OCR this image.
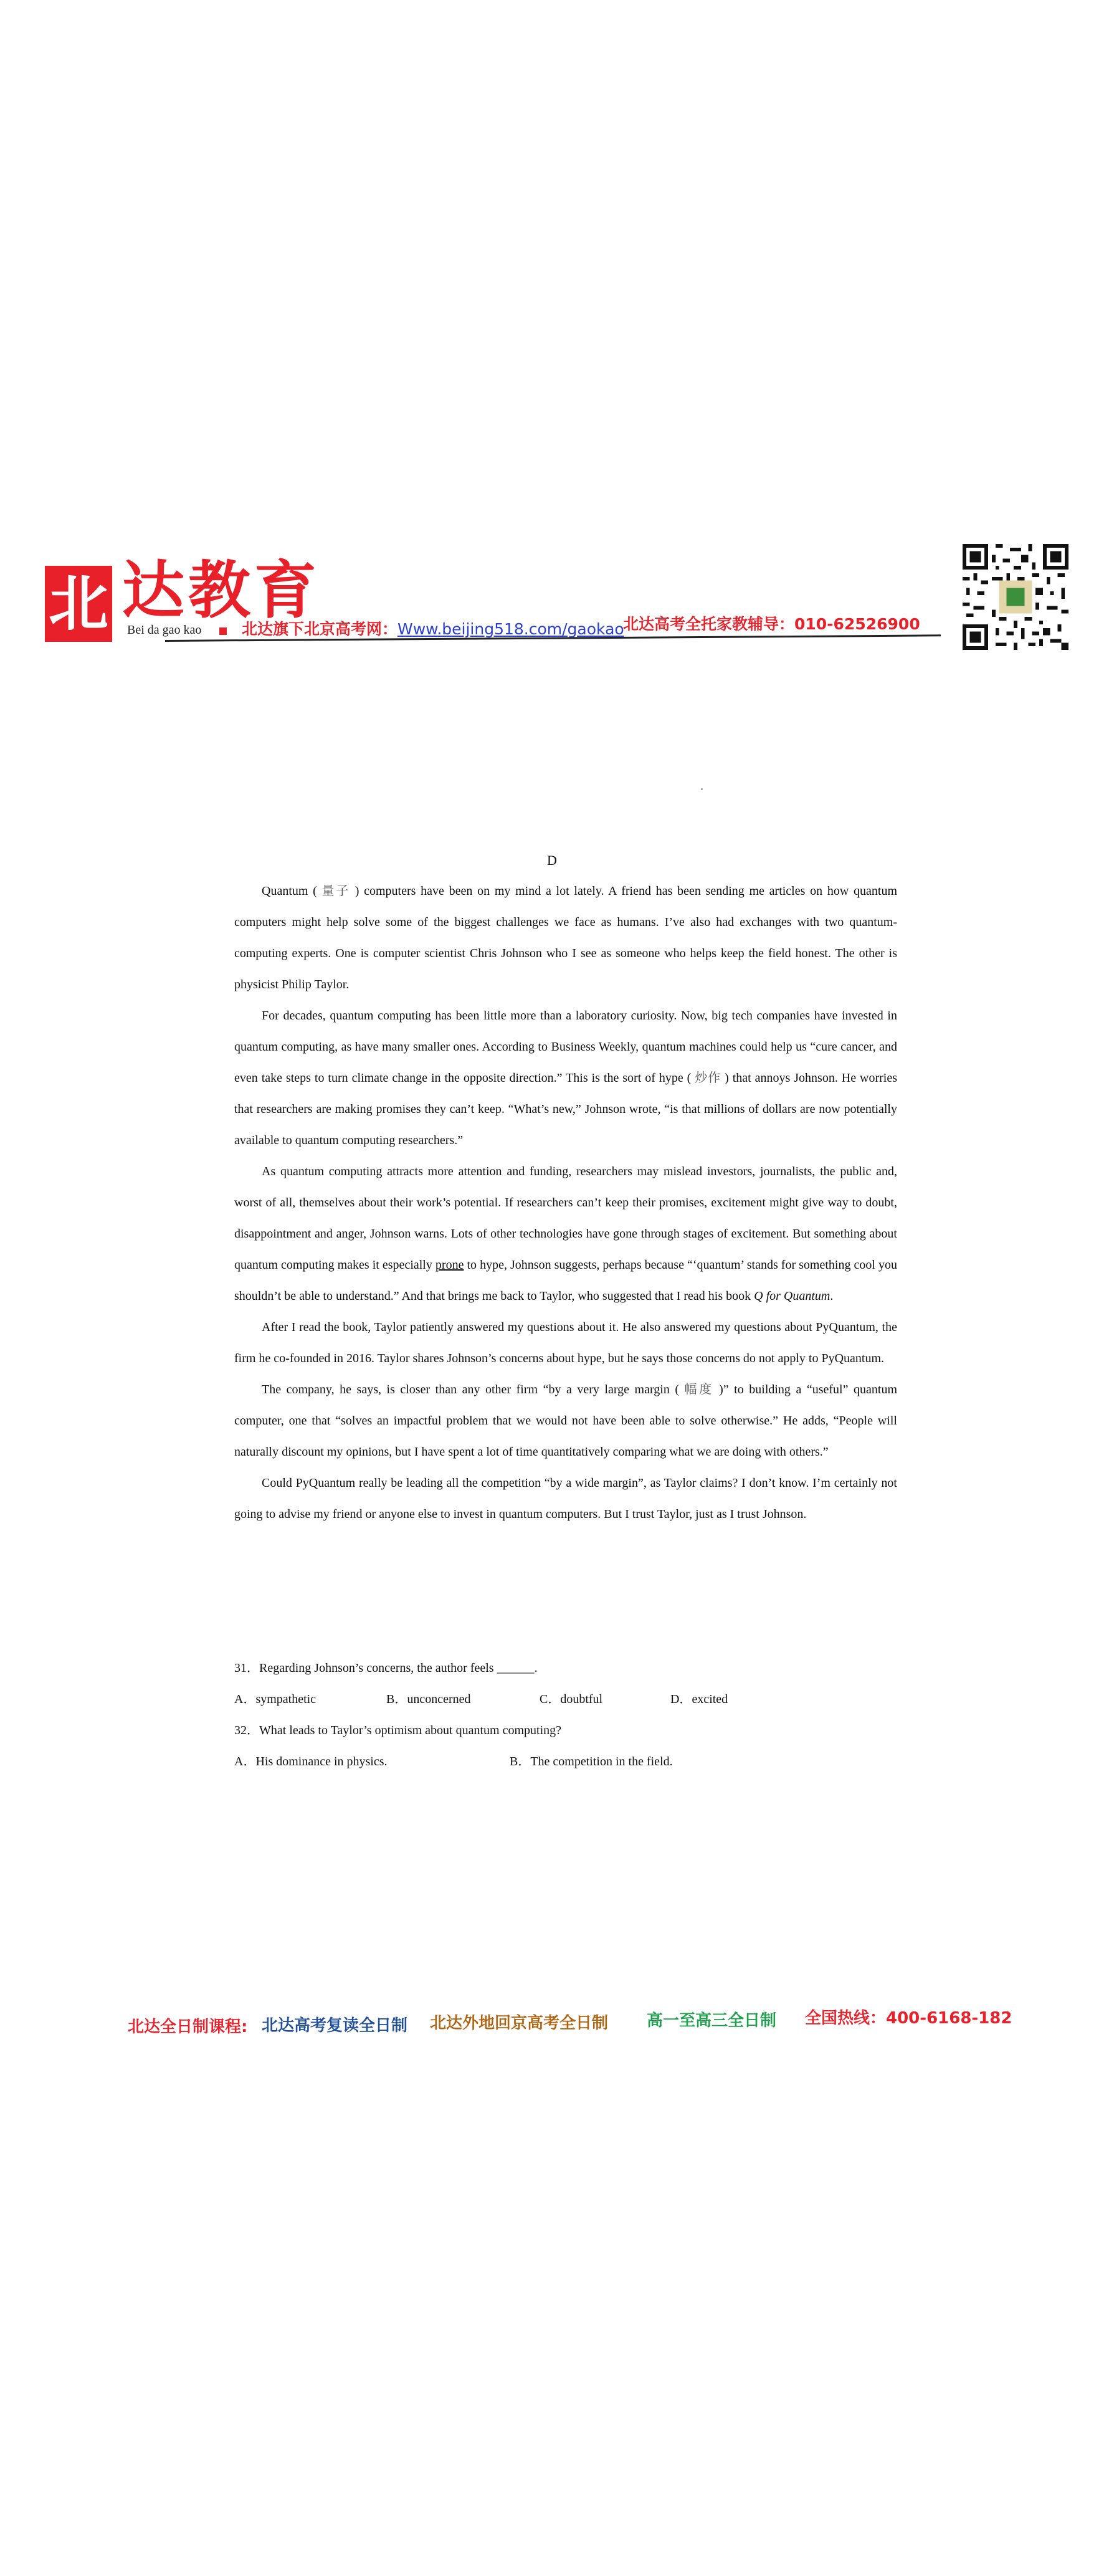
北 达教育
Bei da gao kao	北达旗下北京高考网：Www.beijing518.com/gaokao
北达高考全托家教辅导：010-62526900
D

Quantum ( 量子 ) computers have been on my mind a lot lately. A friend has been sending me articles on how quantum computers might help solve some of the biggest challenges we face as humans. I’ve also had exchanges with two quantum-computing experts. One is computer scientist Chris Johnson who I see as someone who helps keep the field honest. The other is physicist Philip Taylor.

For decades, quantum computing has been little more than a laboratory curiosity. Now, big tech companies have invested in quantum computing, as have many smaller ones. According to Business Weekly, quantum machines could help us “cure cancer, and even take steps to turn climate change in the opposite direction.” This is the sort of hype ( 炒作 ) that annoys Johnson. He worries that researchers are making promises they can’t keep. “What’s new,” Johnson wrote, “is that millions of dollars are now potentially available to quantum computing researchers.”

As quantum computing attracts more attention and funding, researchers may mislead investors, journalists, the public and, worst of all, themselves about their work’s potential. If researchers can’t keep their promises, excitement might give way to doubt, disappointment and anger, Johnson warns. Lots of other technologies have gone through stages of excitement. But something about quantum computing makes it especially prone to hype, Johnson suggests, perhaps because “‘quantum’ stands for something cool you shouldn’t be able to understand.” And that brings me back to Taylor, who suggested that I read his book Q for Quantum.

After I read the book, Taylor patiently answered my questions about it. He also answered my questions about PyQuantum, the firm he co-founded in 2016. Taylor shares Johnson’s concerns about hype, but he says those concerns do not apply to PyQuantum.

The company, he says, is closer than any other firm “by a very large margin ( 幅度 )” to building a “useful” quantum computer, one that “solves an impactful problem that we would not have been able to solve otherwise.” He adds, “People will naturally discount my opinions, but I have spent a lot of time quantitatively comparing what we are doing with others.”

Could PyQuantum really be leading all the competition “by a wide margin”, as Taylor claims? I don’t know. I’m certainly not going to advise my friend or anyone else to invest in quantum computers. But I trust Taylor, just as I trust Johnson.

31．Regarding Johnson’s concerns, the author feels ______.
A．sympathetic	B．unconcerned	C．doubtful	D．excited
32．What leads to Taylor’s optimism about quantum computing?
A．His dominance in physics.	B．The competition in the field.
北达全日制课程: 北达高考复读全日制 北达外地回京高考全日制 高一至高三全日制 全国热线：400-6168-182
